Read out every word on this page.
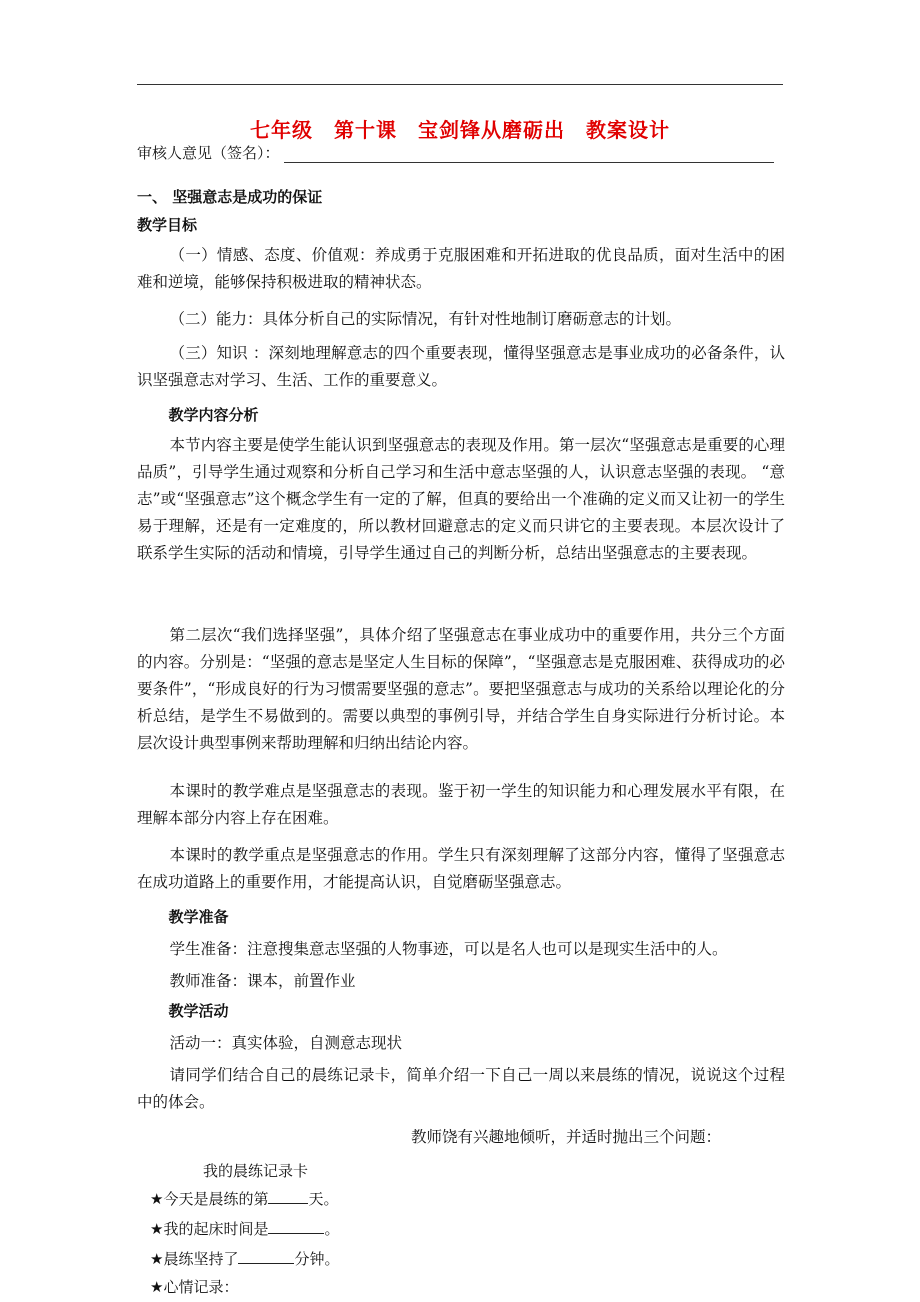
七年级　第十课　宝剑锋从磨砺出　教案设计
审核人意见（签名）：
一、 坚强意志是成功的保证
教学目标
（一）情感、态度、价值观：养成勇于克服困难和开拓进取的优良品质，面对生活中的困难和逆境，能够保持积极进取的精神状态。
（二）能力：具体分析自己的实际情况，有针对性地制订磨砺意志的计划。
（三）知识 ：深刻地理解意志的四个重要表现，懂得坚强意志是事业成功的必备条件，认识坚强意志对学习、生活、工作的重要意义。
教学内容分析
本节内容主要是使学生能认识到坚强意志的表现及作用。第一层次“坚强意志是重要的心理品质”，引导学生通过观察和分析自己学习和生活中意志坚强的人，认识意志坚强的表现。 “意志”或“坚强意志”这个概念学生有一定的了解，但真的要给出一个准确的定义而又让初一的学生易于理解，还是有一定难度的，所以教材回避意志的定义而只讲它的主要表现。本层次设计了联系学生实际的活动和情境，引导学生通过自己的判断分析，总结出坚强意志的主要表现。
第二层次“我们选择坚强”，具体介绍了坚强意志在事业成功中的重要作用，共分三个方面的内容。分别是：“坚强的意志是坚定人生目标的保障”，“坚强意志是克服困难、获得成功的必要条件”，“形成良好的行为习惯需要坚强的意志”。要把坚强意志与成功的关系给以理论化的分析总结，是学生不易做到的。需要以典型的事例引导，并结合学生自身实际进行分析讨论。本层次设计典型事例来帮助理解和归纳出结论内容。
本课时的教学难点是坚强意志的表现。鉴于初一学生的知识能力和心理发展水平有限，在理解本部分内容上存在困难。
本课时的教学重点是坚强意志的作用。学生只有深刻理解了这部分内容，懂得了坚强意志在成功道路上的重要作用，才能提高认识，自觉磨砺坚强意志。
教学准备
学生准备：注意搜集意志坚强的人物事迹，可以是名人也可以是现实生活中的人。
教师准备：课本，前置作业
教学活动
活动一：真实体验，自测意志现状
请同学们结合自己的晨练记录卡，简单介绍一下自己一周以来晨练的情况，说说这个过程中的体会。
教师饶有兴趣地倾听，并适时抛出三个问题：
我的晨练记录卡
★今天是晨练的第	天。
★我的起床时间是	。
★晨练坚持了	分钟。
★心情记录：
